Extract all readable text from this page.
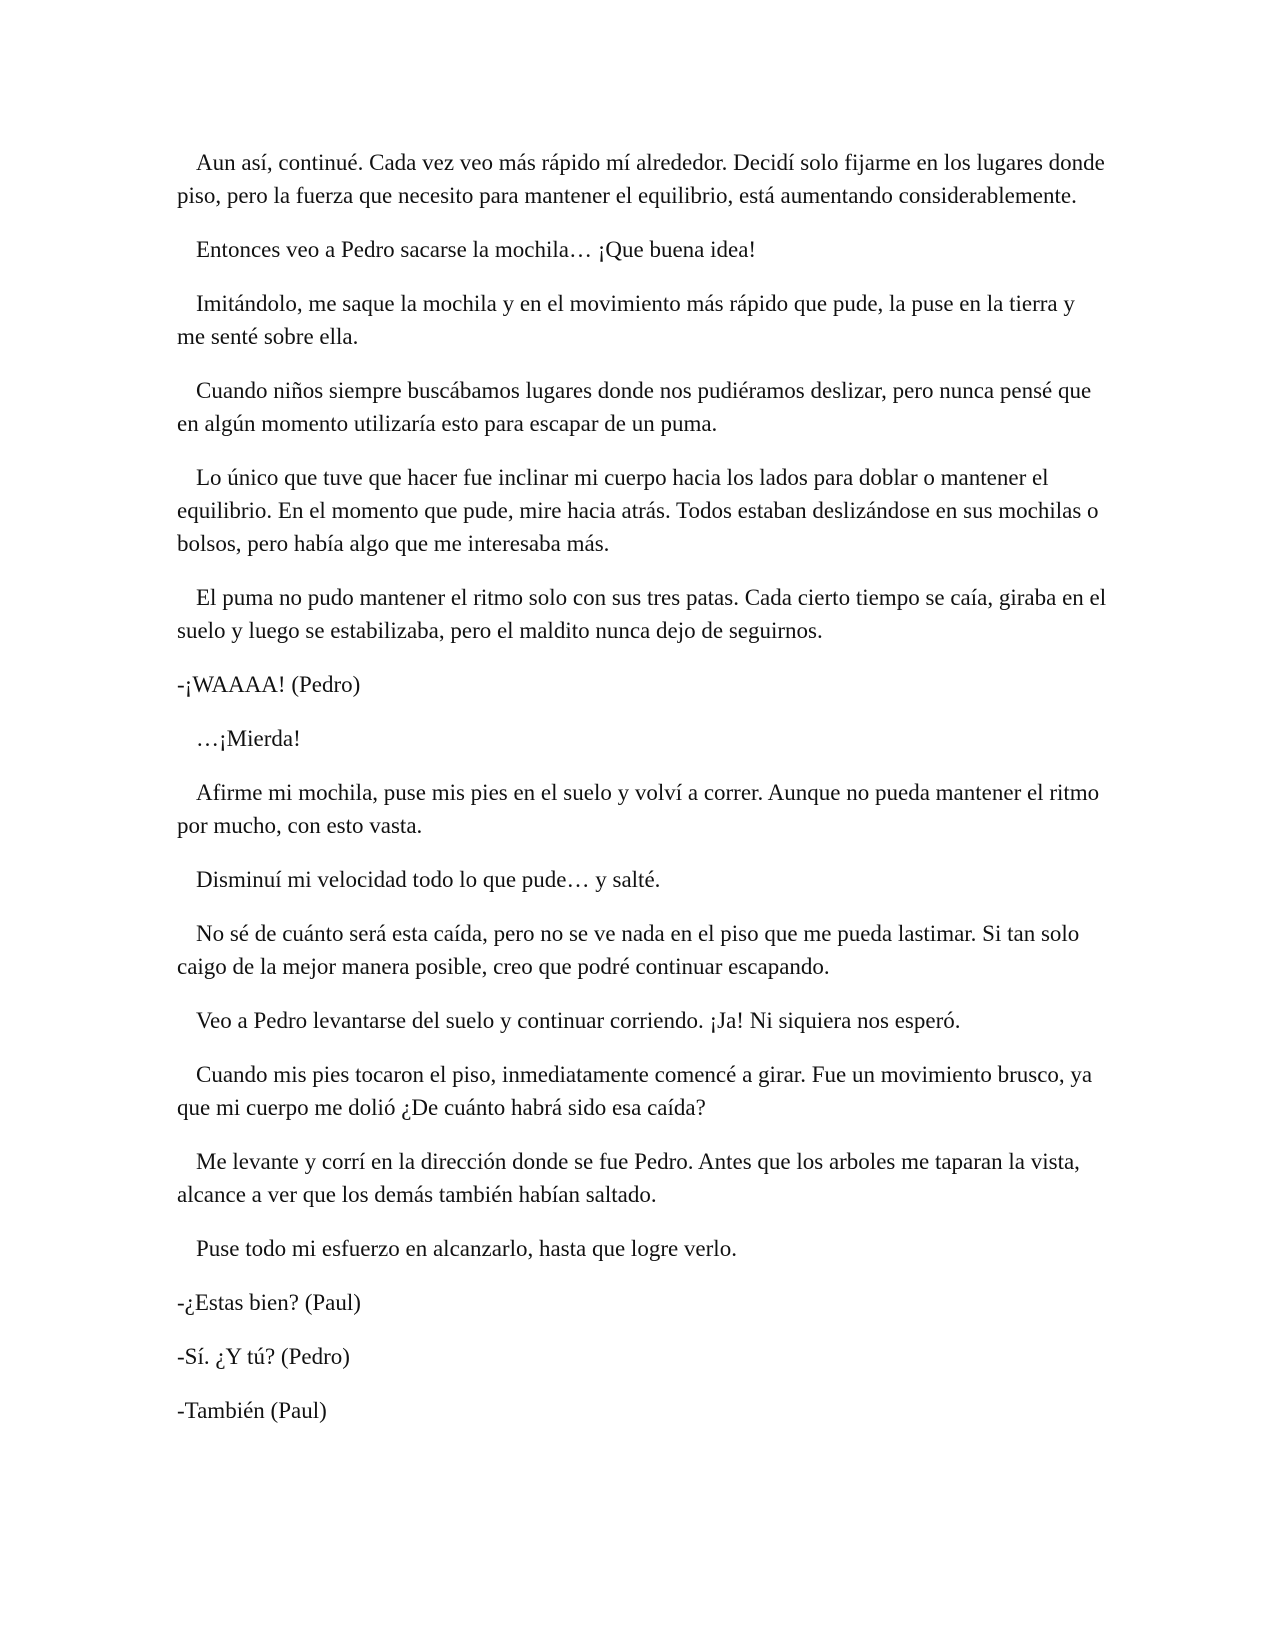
Aun así, continué. Cada vez veo más rápido mí alrededor. Decidí solo fijarme en los lugares donde piso, pero la fuerza que necesito para mantener el equilibrio, está aumentando considerablemente.

Entonces veo a Pedro sacarse la mochila… ¡Que buena idea!

Imitándolo, me saque la mochila y en el movimiento más rápido que pude, la puse en la tierra y me senté sobre ella.

Cuando niños siempre buscábamos lugares donde nos pudiéramos deslizar, pero nunca pensé que en algún momento utilizaría esto para escapar de un puma.

Lo único que tuve que hacer fue inclinar mi cuerpo hacia los lados para doblar o mantener el equilibrio. En el momento que pude, mire hacia atrás. Todos estaban deslizándose en sus mochilas o bolsos, pero había algo que me interesaba más.

El puma no pudo mantener el ritmo solo con sus tres patas. Cada cierto tiempo se caía, giraba en el suelo y luego se estabilizaba, pero el maldito nunca dejo de seguirnos.

-¡WAAAA! (Pedro)

…¡Mierda!

Afirme mi mochila, puse mis pies en el suelo y volví a correr. Aunque no pueda mantener el ritmo por mucho, con esto vasta.

Disminuí mi velocidad todo lo que pude… y salté.

No sé de cuánto será esta caída, pero no se ve nada en el piso que me pueda lastimar. Si tan solo caigo de la mejor manera posible, creo que podré continuar escapando.

Veo a Pedro levantarse del suelo y continuar corriendo. ¡Ja! Ni siquiera nos esperó.

Cuando mis pies tocaron el piso, inmediatamente comencé a girar. Fue un movimiento brusco, ya que mi cuerpo me dolió ¿De cuánto habrá sido esa caída?

Me levante y corrí en la dirección donde se fue Pedro. Antes que los arboles me taparan la vista, alcance a ver que los demás también habían saltado.

Puse todo mi esfuerzo en alcanzarlo, hasta que logre verlo.

-¿Estas bien? (Paul)

-Sí. ¿Y tú? (Pedro)

-También (Paul)
